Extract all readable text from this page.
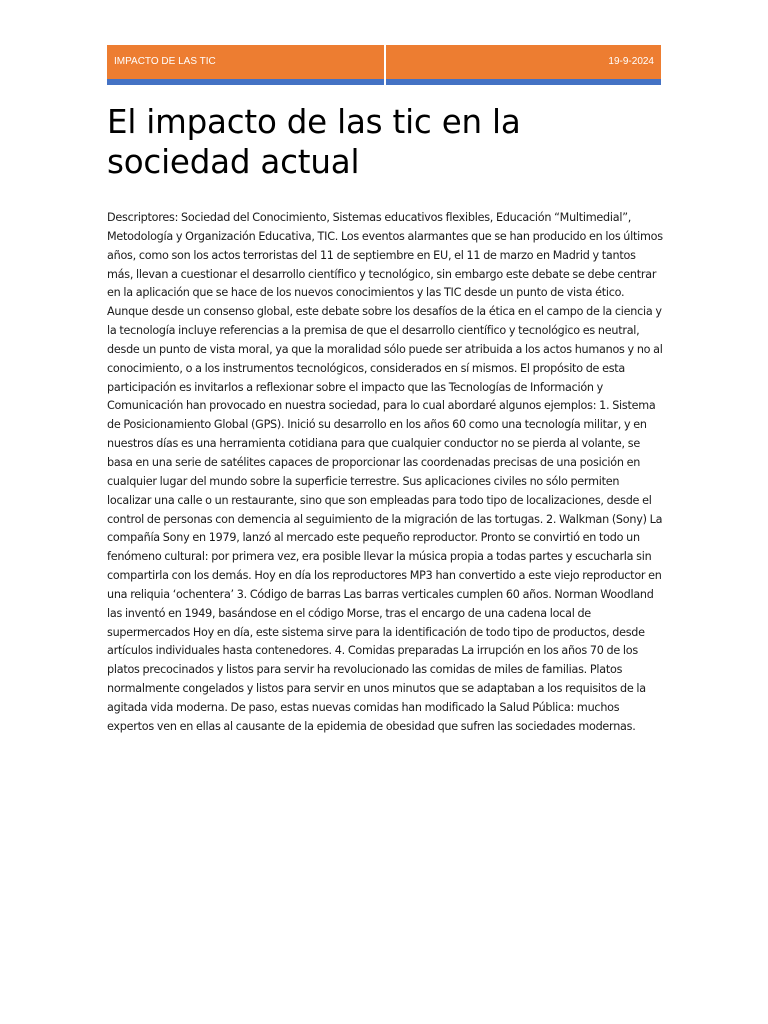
IMPACTO DE LAS TIC	19-9-2024
El impacto de las tic en la sociedad actual

Descriptores: Sociedad del Conocimiento, Sistemas educativos flexibles, Educación “Multimedial”, Metodología y Organización Educativa, TIC. Los eventos alarmantes que se han producido en los últimos años, como son los actos terroristas del 11 de septiembre en EU, el 11 de marzo en Madrid y tantos más, llevan a cuestionar el desarrollo científico y tecnológico, sin embargo este debate se debe centrar en la aplicación que se hace de los nuevos conocimientos y las TIC desde un punto de vista ético. Aunque desde un consenso global, este debate sobre los desafíos de la ética en el campo de la ciencia y la tecnología incluye referencias a la premisa de que el desarrollo científico y tecnológico es neutral, desde un punto de vista moral, ya que la moralidad sólo puede ser atribuida a los actos humanos y no al conocimiento, o a los instrumentos tecnológicos, considerados en sí mismos. El propósito de esta participación es invitarlos a reflexionar sobre el impacto que las Tecnologías de Información y Comunicación han provocado en nuestra sociedad, para lo cual abordaré algunos ejemplos: 1. Sistema de Posicionamiento Global (GPS). Inició su desarrollo en los años 60 como una tecnología militar, y en nuestros días es una herramienta cotidiana para que cualquier conductor no se pierda al volante, se basa en una serie de satélites capaces de proporcionar las coordenadas precisas de una posición en cualquier lugar del mundo sobre la superficie terrestre. Sus aplicaciones civiles no sólo permiten localizar una calle o un restaurante, sino que son empleadas para todo tipo de localizaciones, desde el control de personas con demencia al seguimiento de la migración de las tortugas. 2. Walkman (Sony) La compañía Sony en 1979, lanzó al mercado este pequeño reproductor. Pronto se convirtió en todo un fenómeno cultural: por primera vez, era posible llevar la música propia a todas partes y escucharla sin compartirla con los demás. Hoy en día los reproductores MP3 han convertido a este viejo reproductor en una reliquia ‘ochentera’ 3. Código de barras Las barras verticales cumplen 60 años. Norman Woodland las inventó en 1949, basándose en el código Morse, tras el encargo de una cadena local de supermercados Hoy en día, este sistema sirve para la identificación de todo tipo de productos, desde artículos individuales hasta contenedores. 4. Comidas preparadas La irrupción en los años 70 de los platos precocinados y listos para servir ha revolucionado las comidas de miles de familias. Platos normalmente congelados y listos para servir en unos minutos que se adaptaban a los requisitos de la agitada vida moderna. De paso, estas nuevas comidas han modificado la Salud Pública: muchos expertos ven en ellas al causante de la epidemia de obesidad que sufren las sociedades modernas.
